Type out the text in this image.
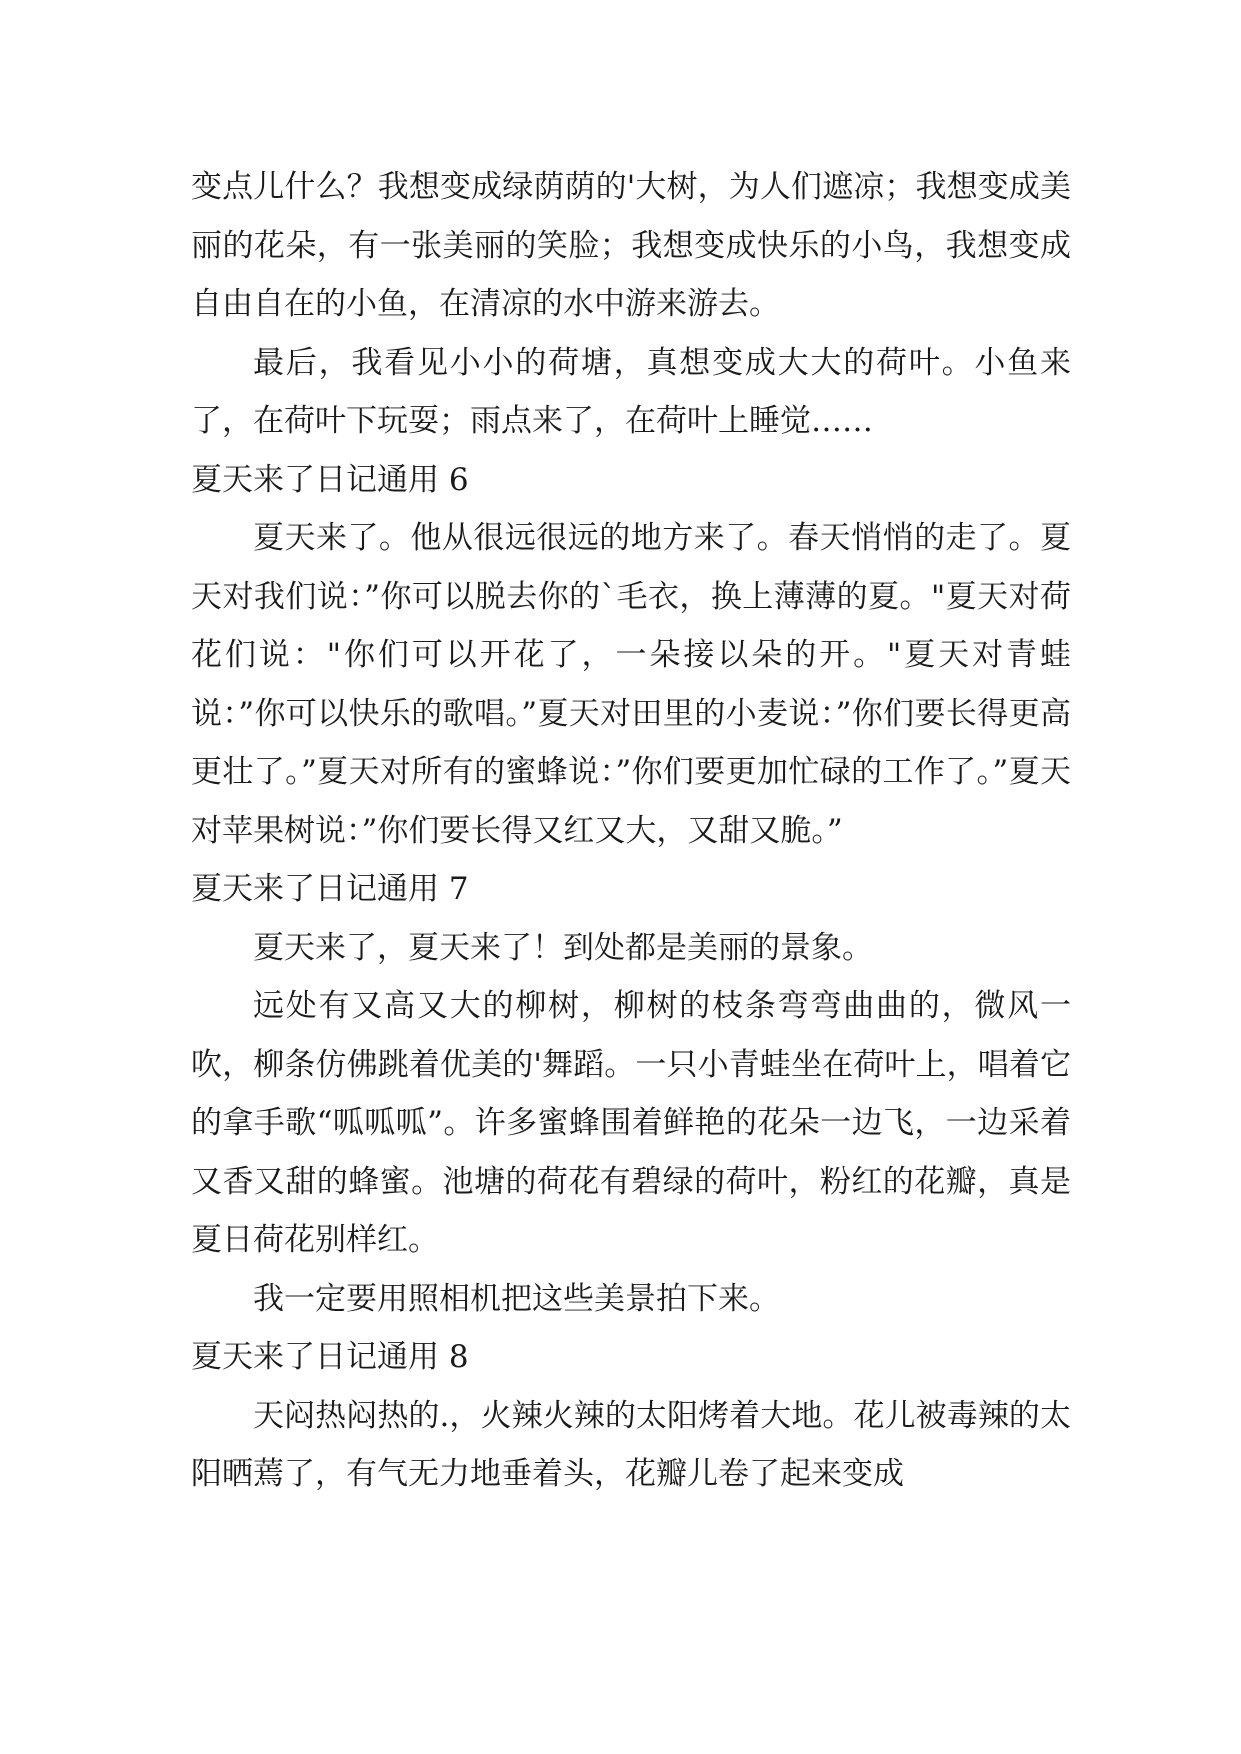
变点儿什么？我想变成绿荫荫的'大树，为人们遮凉；我想变成美丽的花朵，有一张美丽的笑脸；我想变成快乐的小鸟，我想变成自由自在的小鱼，在清凉的水中游来游去。

最后，我看见小小的荷塘，真想变成大大的荷叶。小鱼来了，在荷叶下玩耍；雨点来了，在荷叶上睡觉……

夏天来了日记通用 6

夏天来了。他从很远很远的地方来了。春天悄悄的走了。夏天对我们说：”你可以脱去你的`毛衣，换上薄薄的夏。"夏天对荷花们说："你们可以开花了，一朵接以朵的开。"夏天对青蛙说：”你可以快乐的歌唱。”夏天对田里的小麦说：”你们要长得更高更壮了。”夏天对所有的蜜蜂说：”你们要更加忙碌的工作了。”夏天对苹果树说：”你们要长得又红又大，又甜又脆。”

夏天来了日记通用 7

夏天来了，夏天来了！到处都是美丽的景象。

远处有又高又大的柳树，柳树的枝条弯弯曲曲的，微风一吹，柳条仿佛跳着优美的'舞蹈。一只小青蛙坐在荷叶上，唱着它的拿手歌“呱呱呱”。许多蜜蜂围着鲜艳的花朵一边飞，一边采着又香又甜的蜂蜜。池塘的荷花有碧绿的荷叶，粉红的花瓣，真是夏日荷花别样红。

我一定要用照相机把这些美景拍下来。

夏天来了日记通用 8

天闷热闷热的.，火辣火辣的太阳烤着大地。花儿被毒辣的太阳晒蔫了，有气无力地垂着头，花瓣儿卷了起来变成
